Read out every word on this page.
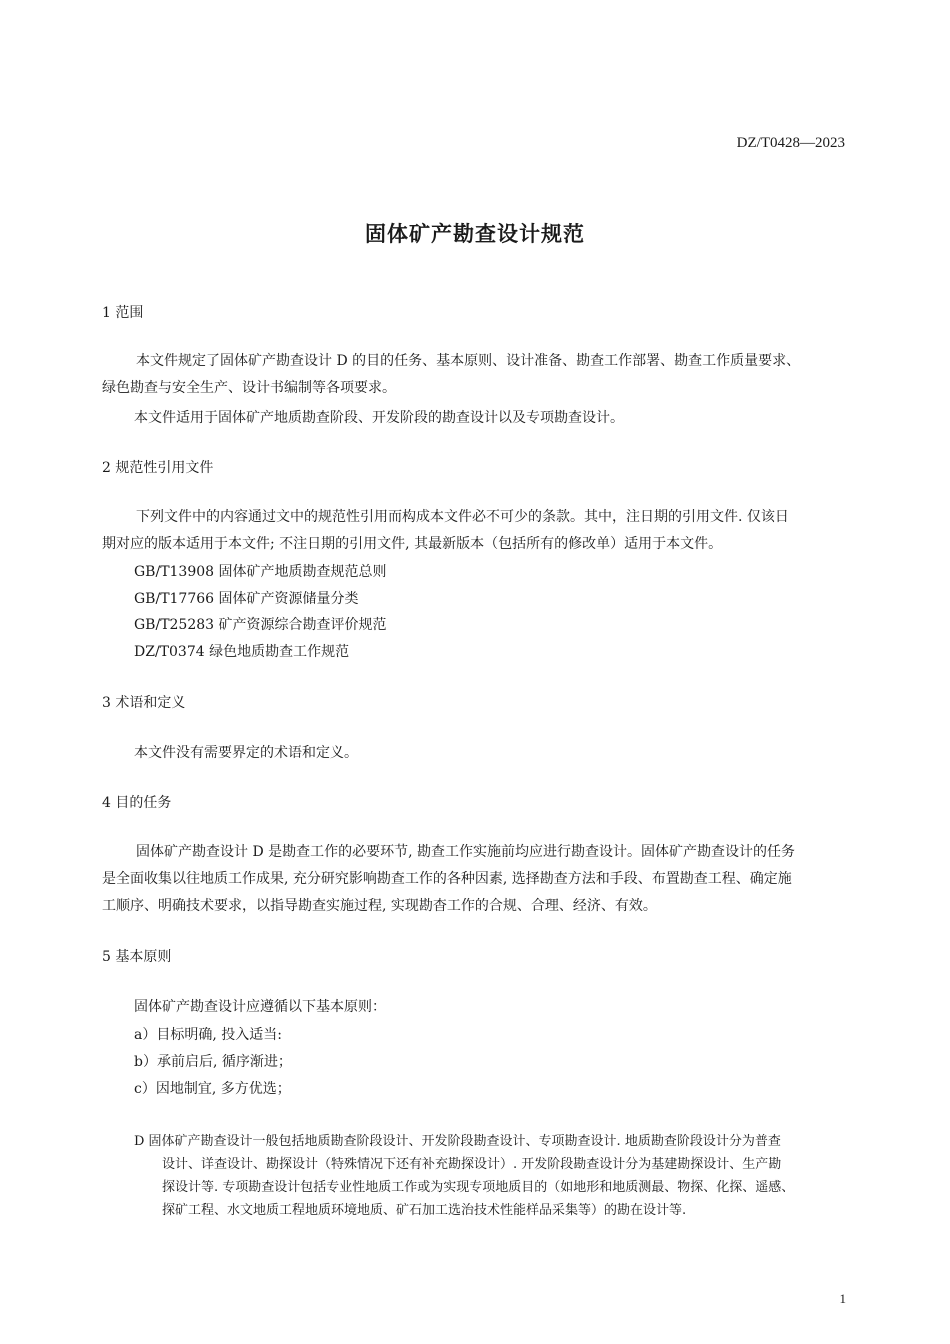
DZ/T0428—2023
固体矿产勘查设计规范
1 范围
本文件规定了固体矿产勘查设计 D 的目的任务、基本原则、设计准备、勘查工作部署、勘查工作质量要求、
绿色勘查与安全生产、设计书编制等各项要求。
本文件适用于固体矿产地质勘查阶段、开发阶段的勘查设计以及专项勘查设计。
2 规范性引用文件
下列文件中的内容通过文中的规范性引用而构成本文件必不可少的条款。其中，注日期的引用文件. 仅该日
期对应的版本适用于本文件; 不注日期的引用文件, 其最新版本（包括所有的修改单）适用于本文件。
GB/T13908 固体矿产地质勘查规范总则
GB/T17766 固体矿产资源储量分类
GB/T25283 矿产资源综合勘查评价规范
DZ/T0374 绿色地质勘查工作规范
3 术语和定义
本文件没有需要界定的术语和定义。
4 目的任务
固体矿产勘查设计 D 是勘查工作的必要环节, 勘查工作实施前均应进行勘查设计。固体矿产勘查设计的任务
是全面收集以往地质工作成果, 充分研究影响勘查工作的各种因素, 选择勘查方法和手段、布置勘查工程、确定施
工顺序、明确技术要求，以指导勘查实施过程, 实现勘杳工作的合规、合理、经济、有效。
5 基本原则
固体矿产勘查设计应遵循以下基本原则：
a）目标明确, 投入适当:
b）承前启后, 循序渐进；
c）因地制宜, 多方优选；
D 固体矿产勘查设计一般包括地质勘查阶段设计、开发阶段勘查设计、专项勘查设计. 地质勘查阶段设计分为普查
设计、详查设计、勘探设计（特殊情况下还有补充勘探设计）. 开发阶段勘查设计分为基建勘探设计、生产勘
探设计等. 专项勘查设计包括专业性地质工作或为实现专项地质目的（如地形和地质测最、物探、化探、遥感、
探矿工程、水文地质工程地质环境地质、矿石加工选治技术性能样品采集等）的勘在设计等.
1
